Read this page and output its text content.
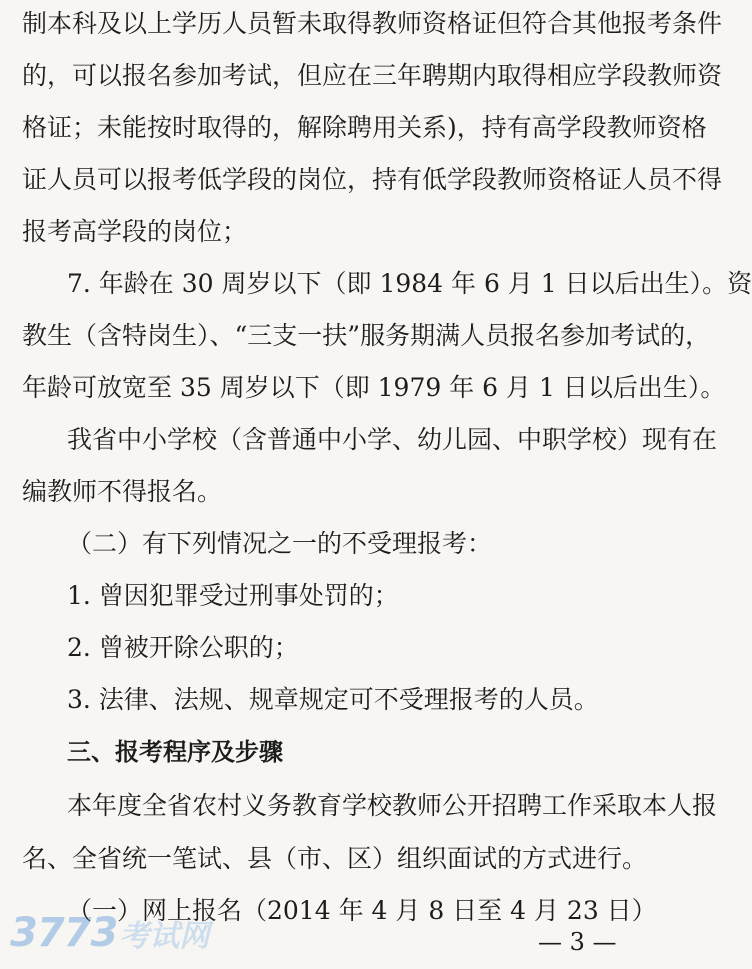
制本科及以上学历人员暂未取得教师资格证但符合其他报考条件
的，可以报名参加考试，但应在三年聘期内取得相应学段教师资
格证；未能按时取得的，解除聘用关系)，持有高学段教师资格
证人员可以报考低学段的岗位，持有低学段教师资格证人员不得
报考高学段的岗位；
7. 年龄在 30 周岁以下（即 1984 年 6 月 1 日以后出生）。资
教生（含特岗生）、“三支一扶”服务期满人员报名参加考试的，
年龄可放宽至 35 周岁以下（即 1979 年 6 月 1 日以后出生）。
我省中小学校（含普通中小学、幼儿园、中职学校）现有在
编教师不得报名。
（二）有下列情况之一的不受理报考：
1. 曾因犯罪受过刑事处罚的；
2. 曾被开除公职的；
3. 法律、法规、规章规定可不受理报考的人员。
三、报考程序及步骤
本年度全省农村义务教育学校教师公开招聘工作采取本人报
名、全省统一笔试、县（市、区）组织面试的方式进行。
— 3 —
3773 考试网
（一）网上报名（2014 年 4 月 8 日至 4 月 23 日）
